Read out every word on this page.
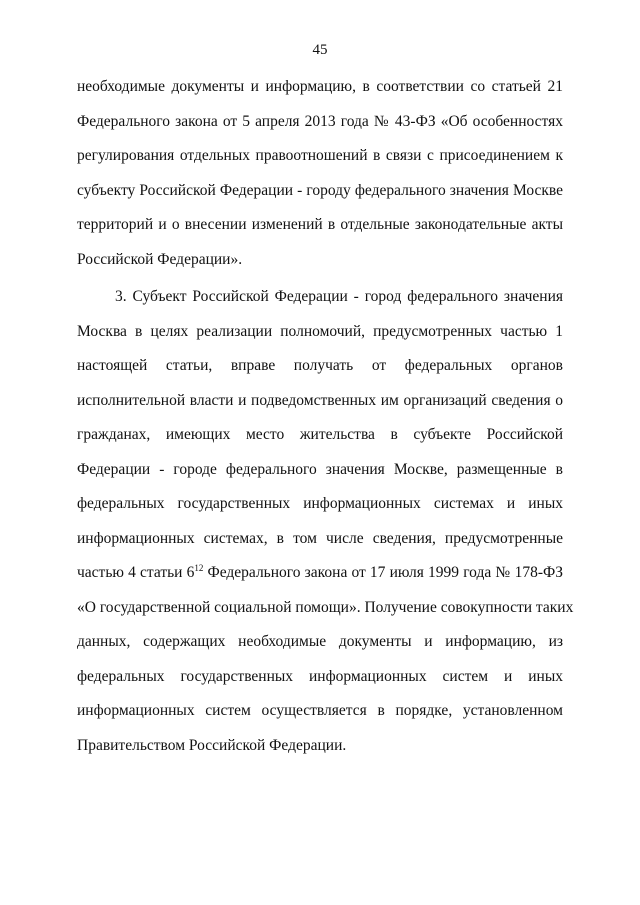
45
необходимые документы и информацию, в соответствии со статьей 21
Федерального закона от 5 апреля 2013 года № 43-ФЗ «Об особенностях
регулирования отдельных правоотношений в связи с присоединением к
субъекту Российской Федерации - городу федерального значения Москве
территорий и о внесении изменений в отдельные законодательные акты
Российской Федерации».
3. Субъект Российской Федерации - город федерального значения
Москва в целях реализации полномочий, предусмотренных частью 1
настоящей статьи, вправе получать от федеральных органов
исполнительной власти и подведомственных им организаций сведения о
гражданах, имеющих место жительства в субъекте Российской
Федерации - городе федерального значения Москве, размещенные в
федеральных государственных информационных системах и иных
информационных системах, в том числе сведения, предусмотренные
частью 4 статьи $6^{12}$ Федерального закона от 17 июля 1999 года № 178-ФЗ
«О государственной социальной помощи». Получение совокупности таких
данных, содержащих необходимые документы и информацию, из
федеральных государственных информационных систем и иных
информационных систем осуществляется в порядке, установленном
Правительством Российской Федерации.
